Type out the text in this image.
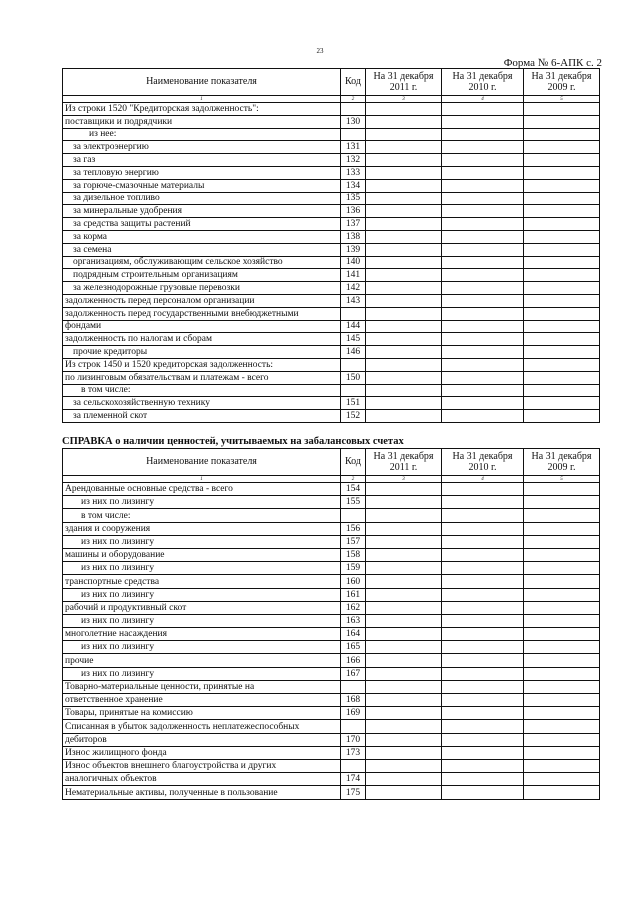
23
Форма № 6-АПК с. 2
Наименование показателя	Код	На 31 декабря 2011 г.	На 31 декабря 2010 г.	На 31 декабря 2009 г.
1	2	3	4	5
Из строки 1520 "Кредиторская задолженность":				
поставщики и подрядчики	130			
из нее:				
за электроэнергию	131			
за газ	132			
за тепловую энергию	133			
за горюче-смазочные материалы	134			
за дизельное топливо	135			
за минеральные удобрения	136			
за средства защиты растений	137			
за корма	138			
за семена	139			
организациям, обслуживающим сельское хозяйство	140			
подрядным строительным организациям	141			
за железнодорожные грузовые перевозки	142			
задолженность перед персоналом организации	143			
задолженность перед государственными внебюджетными				
фондами	144			
задолженность по налогам и сборам	145			
прочие кредиторы	146			
Из строк 1450 и 1520 кредиторская задолженность:				
по лизинговым обязательствам и платежам - всего	150			
в том числе:				
за сельскохозяйственную технику	151			
за племенной скот	152			
СПРАВКА о наличии ценностей, учитываемых на забалансовых счетах
Наименование показателя	Код	На 31 декабря 2011 г.	На 31 декабря 2010 г.	На 31 декабря 2009 г.
1	2	3	4	5
Арендованные основные средства - всего	154			
из них по лизингу	155			
в том числе:				
здания и сооружения	156			
из них по лизингу	157			
машины и оборудование	158			
из них по лизингу	159			
транспортные средства	160			
из них по лизингу	161			
рабочий и продуктивный скот	162			
из них по лизингу	163			
многолетние насаждения	164			
из них по лизингу	165			
прочие	166			
из них по лизингу	167			
Товарно-материальные ценности, принятые на				
ответственное хранение	168			
Товары, принятые на комиссию	169			
Списанная в убыток задолженность неплатежеспособных				
дебиторов	170			
Износ жилищного фонда	173			
Износ объектов внешнего благоустройства и других				
аналогичных объектов	174			
Нематериальные активы, полученные в пользование	175			
